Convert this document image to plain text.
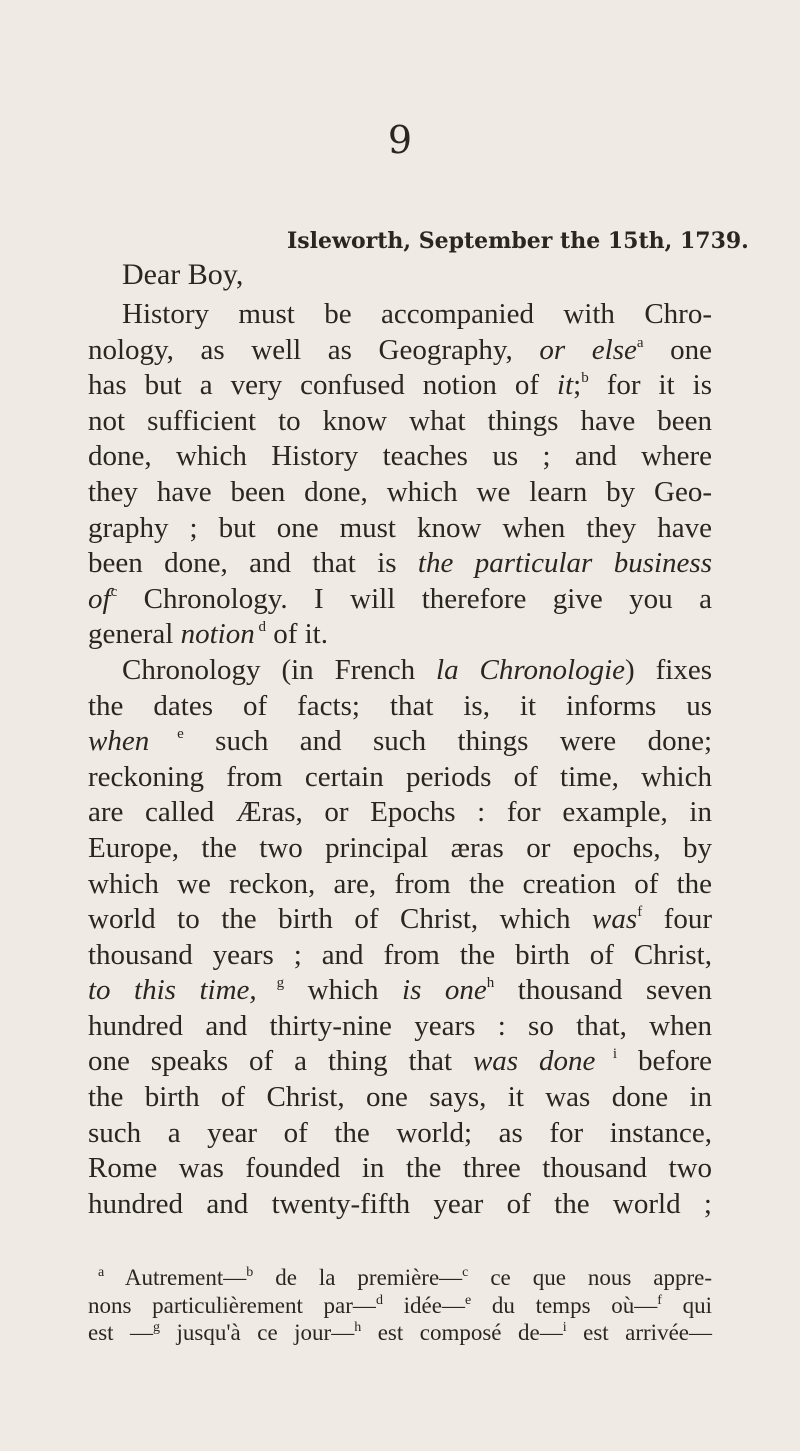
9
Isleworth, September the 15th, 1739.
Dear Boy,
History must be accompanied with Chro-
nology, as well as Geography, or else$^a$ one
has but a very confused notion of it;$^b$ for it is
not sufficient to know what things have been
done, which History teaches us ; and where
they have been done, which we learn by Geo-
graphy ; but one must know when they have
been done, and that is the particular business
$of^c$ Chronology. I will therefore give you a
general notion $^d$ of it.
Chronology (in French la Chronologie) fixes
the dates of facts; that is, it informs us
when $^e$ such and such things were done;
reckoning from certain periods of time, which
are called Æras, or Epochs : for example, in
Europe, the two principal æras or epochs, by
which we reckon, are, from the creation of the
world to the birth of Christ, which was$^f$ four
thousand years ; and from the birth of Christ,
to this time, $^g$ which is one$^h$ thousand seven
hundred and thirty-nine years : so that, when
one speaks of a thing that was done $^i$ before
the birth of Christ, one says, it was done in
such a year of the world; as for instance,
Rome was founded in the three thousand two
hundred and twenty-fifth year of the world ;
$^a$ Autrement—$^b$ de la première—$^c$ ce que nous appre-
nons particulièrement par—$^d$ idée—$^e$ du temps où—$^f$ qui
est —$^g$ jusqu'à ce jour—$^h$ est composé de—$^i$ est arrivée—
